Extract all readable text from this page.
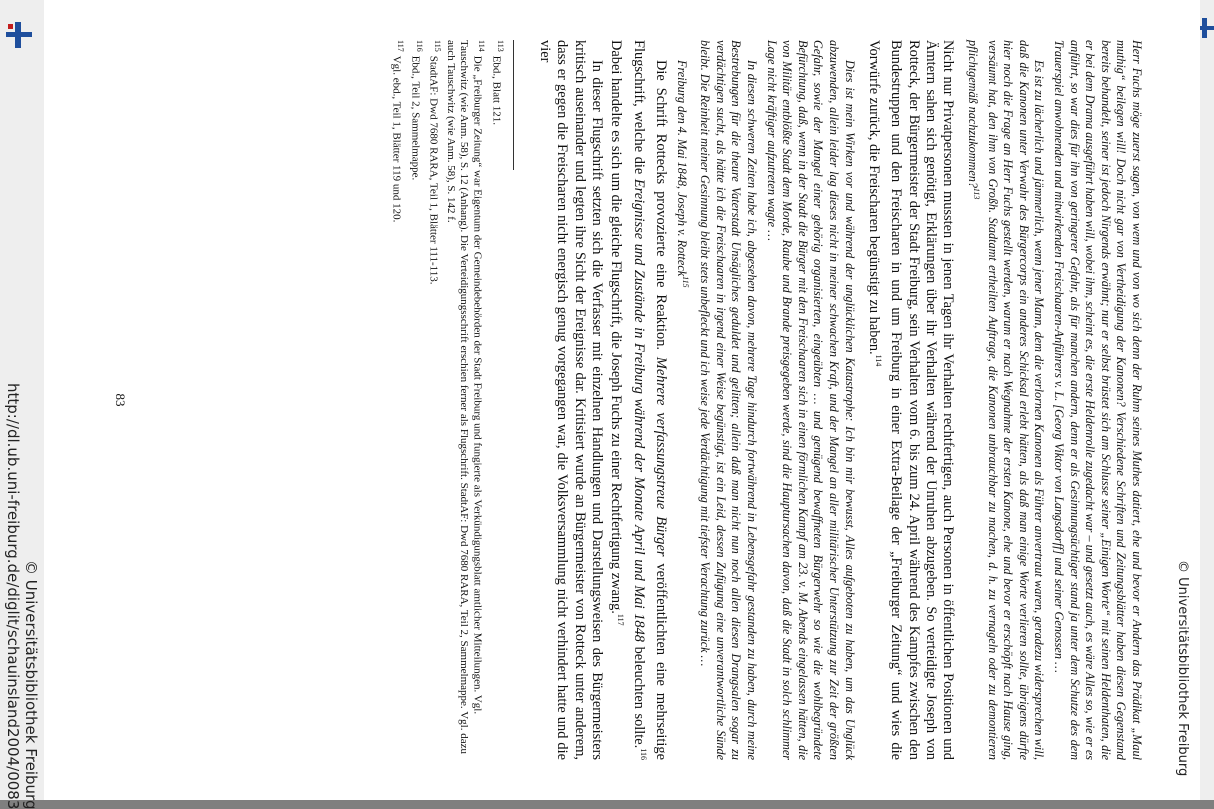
Herr Fuchs möge zuerst sagen, von wem und von wo sich denn der Ruhm seines Muthes datiert, ehe und bevor er Andern das Prädikat „Maul muthig“ beilegen will! Doch nicht gar von Vertheidigung der Kanonen? Verschiedene Schriften und Zeitungsblätter haben diesen Gegenstand bereits behandelt, seiner ist jedoch Nirgends erwähnt; nur er selbst brüstet sich am Schlusse seiner „Einigen Worte“ mit seinen Heldenthaten, die er bei dem Drama ausgeführt haben will, wobei ihm, scheint es, die erste Heldenrolle zugedacht war – und gesetzt auch, es wäre Alles so, wie er es anführt, so war dies für ihn von geringerer Gefahr, als für manchen andern, denn er als Gesinnungsüchtiger stand ja unter dem Schutze des dem Trauerspiel anwohnenden und mitwirkenden Freischaaren-Anführers v. L. [Georg Viktor von Langsdorff] und seiner Genossen …

Es ist zu lächerlich und jämmerlich, wenn jener Mann, dem die verlornen Kanonen als Führer anvertraut waren, geradezu widersprechen will, daß die Kanonen unter Verwahr des Bürgercorps ein anderes Schicksal erlebt hätten, als daß man einige Worte verlieren sollte, übrigens dürfte hier noch die Frage an Herr Fuchs gestellt werden, warum er nach Wegnahme der ersten Kanone, ehe und bevor er erschöpft nach Hause ging, versäumt hat, den ihm von Großh. Stadtamt ertheilten Auftrage, die Kanonen unbrauchbar zu machen, d. h. zu vernageln oder zu demontieren pflichtgemäß nachzukommen?$^{113}$

Nicht nur Privatpersonen mussten in jenen Tagen ihr Verhalten rechtfertigen, auch Personen in öffentlichen Positionen und Ämtern sahen sich genötigt, Erklärungen über ihr Verhalten während der Unruhen abzugeben. So verteidigte Joseph von Rotteck, der Bürgermeister der Stadt Freiburg, sein Verhalten vom 6. bis zum 24. April während des Kampfes zwischen den Bundestruppen und den Freischaren in und um Freiburg in einer Extra-Beilage der „Freiburger Zeitung“ und wies die Vorwürfe zurück, die Freischaren begünstigt zu haben.$^{114}$

Dies ist mein Wirken vor und während der unglücklichen Katastrophe: Ich bin mir bewusst, Alles aufgeboten zu haben, um das Unglück abzuwenden, allein leider lag dieses nicht in meiner schwachen Kraft, und der Mangel an aller militärischer Unterstützung zur Zeit der größten Gefahr, sowie der Mangel einer gehörig organisierten, eingeübten … und genügend bewaffneten Bürgerwehr so wie die wohlbegründete Befürchtung, daß, wenn in der Stadt die Bürger mit den Freischaaren sich in einen förmlichen Kampf am 23. v. M. Abends eingelassen hätten, die von Militär entblößte Stadt dem Morde, Raube und Brande preisgegeben werde, sind die Hauptursachen davon, daß die Stadt in solch schlimmer Lage nicht kräftiger aufzutreten wagte …

In diesen schweren Zeiten habe ich, abgesehen davon, mehrere Tage hindurch fortwährend in Lebensgefahr gestanden zu haben, durch meine Bestrebungen für die theure Vaterstadt Unsägliches geduldet und gelitten; allein daß man nicht nun noch allen diesen Drangsalen sogar zu verdächtigen sucht, als hätte ich die Freischaaren in irgend einer Weise begünstigt, ist ein Leid, dessen Zufügung eine unverantwortliche Sünde bleibt. Die Reinheit meiner Gesinnung bleibt stets unbefleckt und ich weise jede Verdächtigung mit tiefster Verachtung zurück …

Freiburg den 4. Mai 1848, Joseph v. Rotteck$^{115}$

Die Schrift Rottecks provozierte eine Reaktion. Mehrere verfassungstreue Bürger veröffentlichten eine mehrseitige Flugschrift, welche die Ereignisse und Zustände in Freiburg während der Monate April und Mai 1848 beleuchten sollte.$^{116}$ Dabei handelte es sich um die gleiche Flugschrift, die Joseph Fuchs zu einer Rechtfertigung zwang.$^{117}$

In dieser Flugschrift setzten sich die Verfasser mit einzelnen Handlungen und Darstellungsweisen des Bürgermeisters kritisch auseinander und legten ihre Sicht der Ereignisse dar. Kritisiert wurde an Bürgermeister von Rotteck unter anderem, dass er gegen die Freischaren nicht energisch genug vorgegangen war, die Volksversammlung nicht verhindert hatte und die vier

$^{113}$Ebd., Blatt 121.

$^{114}$Die „Freiburger Zeitung“ war Eigentum der Gemeindebehörden der Stadt Freiburg und fungierte als Verkündigungsblatt amtlicher Mitteilungen. Vgl. Tauschwitz (wie Anm. 58), S. 12 (Anhang). Die Verteidigungsschrift erschien ferner als Flugschrift. StadtAF: Dwd 7680 RARA, Teil 2, Sammelmappe. Vgl. dazu auch Tauschwitz (wie Anm. 58), S. 142 f.

$^{115}$StadtAF: Dwd 7680 RARA, Teil 1, Blätter 111-113.

$^{116}$Ebd., Teil 2, Sammelmappe.

$^{117}$Vgl. ebd., Teil 1, Blätter 119 und 120.

83
http://dl.ub.uni-freiburg.de/diglit/schauinsland2004/0083 © Universitätsbibliothek Freiburg	© Universitätsbibliothek Freiburg
